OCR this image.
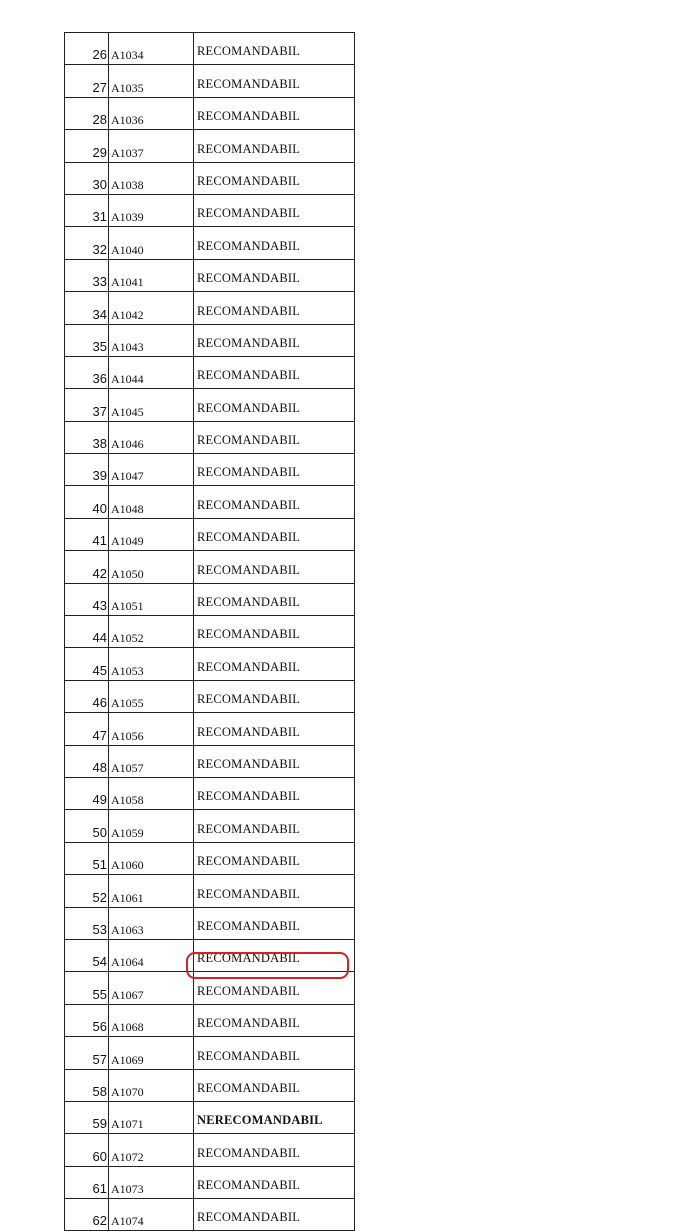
26	A1034	RECOMANDABIL
27	A1035	RECOMANDABIL
28	A1036	RECOMANDABIL
29	A1037	RECOMANDABIL
30	A1038	RECOMANDABIL
31	A1039	RECOMANDABIL
32	A1040	RECOMANDABIL
33	A1041	RECOMANDABIL
34	A1042	RECOMANDABIL
35	A1043	RECOMANDABIL
36	A1044	RECOMANDABIL
37	A1045	RECOMANDABIL
38	A1046	RECOMANDABIL
39	A1047	RECOMANDABIL
40	A1048	RECOMANDABIL
41	A1049	RECOMANDABIL
42	A1050	RECOMANDABIL
43	A1051	RECOMANDABIL
44	A1052	RECOMANDABIL
45	A1053	RECOMANDABIL
46	A1055	RECOMANDABIL
47	A1056	RECOMANDABIL
48	A1057	RECOMANDABIL
49	A1058	RECOMANDABIL
50	A1059	RECOMANDABIL
51	A1060	RECOMANDABIL
52	A1061	RECOMANDABIL
53	A1063	RECOMANDABIL
54	A1064	RECOMANDABIL
55	A1067	RECOMANDABIL
56	A1068	RECOMANDABIL
57	A1069	RECOMANDABIL
58	A1070	RECOMANDABIL
59	A1071	NERECOMANDABIL
60	A1072	RECOMANDABIL
61	A1073	RECOMANDABIL
62	A1074	RECOMANDABIL
